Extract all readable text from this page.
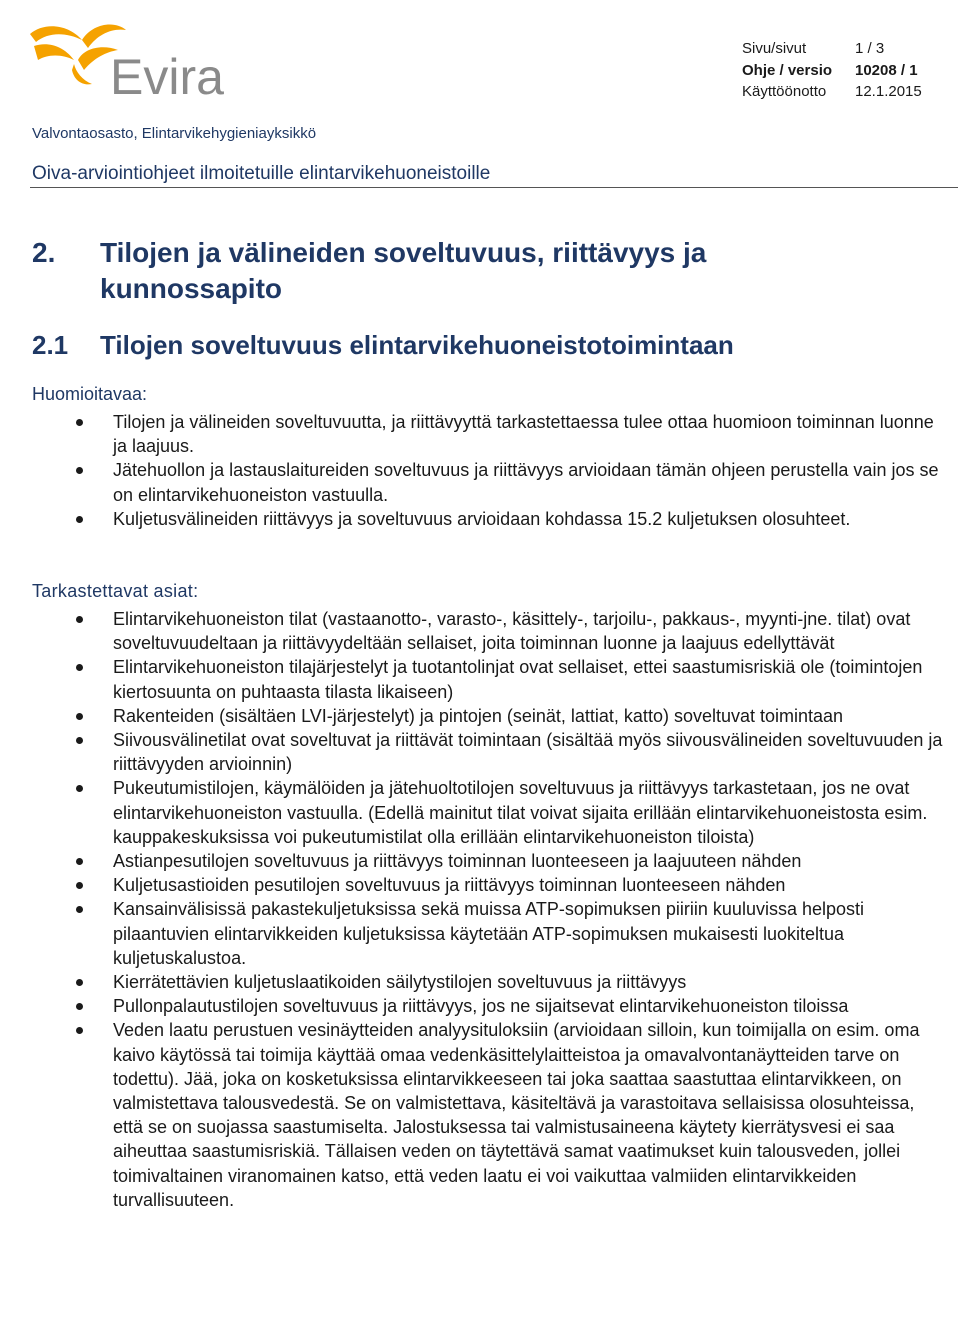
Evira
Sivu/sivut	1 / 3
Ohje / versio	10208 / 1
Käyttöönotto	12.1.2015
Valvontaosasto, Elintarvikehygieniayksikkö
Oiva-arviointiohjeet ilmoitetuille elintarvikehuoneistoille
2. Tilojen ja välineiden soveltuvuus, riittävyys ja kunnossapito
2.1 Tilojen soveltuvuus elintarvikehuoneistotoimintaan
Huomioitavaa:
Tilojen ja välineiden soveltuvuutta, ja riittävyyttä tarkastettaessa tulee ottaa huomioon toiminnan luonne ja laajuus.
Jätehuollon ja lastauslaitureiden soveltuvuus ja riittävyys arvioidaan tämän ohjeen perustella vain jos se on elintarvikehuoneiston vastuulla.
Kuljetusvälineiden riittävyys ja soveltuvuus arvioidaan kohdassa 15.2 kuljetuksen olosuhteet.
Tarkastettavat asiat:
Elintarvikehuoneiston tilat (vastaanotto-, varasto-, käsittely-, tarjoilu-, pakkaus-, myynti-jne. tilat) ovat soveltuvuudeltaan ja riittävyydeltään sellaiset, joita toiminnan luonne ja laajuus edellyttävät
Elintarvikehuoneiston tilajärjestelyt ja tuotantolinjat ovat sellaiset, ettei saastumisriskiä ole (toimintojen kiertosuunta on puhtaasta tilasta likaiseen)
Rakenteiden (sisältäen LVI-järjestelyt) ja pintojen (seinät, lattiat, katto) soveltuvat toimintaan
Siivousvälinetilat ovat soveltuvat ja riittävät toimintaan (sisältää myös siivousvälineiden soveltuvuuden ja riittävyyden arvioinnin)
Pukeutumistilojen, käymälöiden ja jätehuoltotilojen soveltuvuus ja riittävyys tarkastetaan, jos ne ovat elintarvikehuoneiston vastuulla. (Edellä mainitut tilat voivat sijaita erillään elintarvikehuoneistosta esim. kauppakeskuksissa voi pukeutumistilat olla erillään elintarvikehuoneiston tiloista)
Astianpesutilojen soveltuvuus ja riittävyys toiminnan luonteeseen ja laajuuteen nähden
Kuljetusastioiden pesutilojen soveltuvuus ja riittävyys toiminnan luonteeseen nähden
Kansainvälisissä pakastekuljetuksissa sekä muissa ATP-sopimuksen piiriin kuuluvissa helposti pilaantuvien elintarvikkeiden kuljetuksissa käytetään ATP-sopimuksen mukaisesti luokiteltua kuljetuskalustoa.
Kierrätettävien kuljetuslaatikoiden säilytystilojen soveltuvuus ja riittävyys
Pullonpalautustilojen soveltuvuus ja riittävyys, jos ne sijaitsevat elintarvikehuoneiston tiloissa
Veden laatu perustuen vesinäytteiden analyysituloksiin (arvioidaan silloin, kun toimijalla on esim. oma kaivo käytössä tai toimija käyttää omaa vedenkäsittelylaitteistoa ja omavalvontanäytteiden tarve on todettu). Jää, joka on kosketuksissa elintarvikkeeseen tai joka saattaa saastuttaa elintarvikkeen, on valmistettava talousvedestä. Se on valmistettava, käsiteltävä ja varastoitava sellaisissa olosuhteissa, että se on suojassa saastumiselta. Jalostuksessa tai valmistusaineena käytety kierrätysvesi ei saa aiheuttaa saastumisriskiä. Tällaisen veden on täytettävä samat vaatimukset kuin talousveden, jollei toimivaltainen viranomainen katso, että veden laatu ei voi vaikuttaa valmiiden elintarvikkeiden turvallisuuteen.
